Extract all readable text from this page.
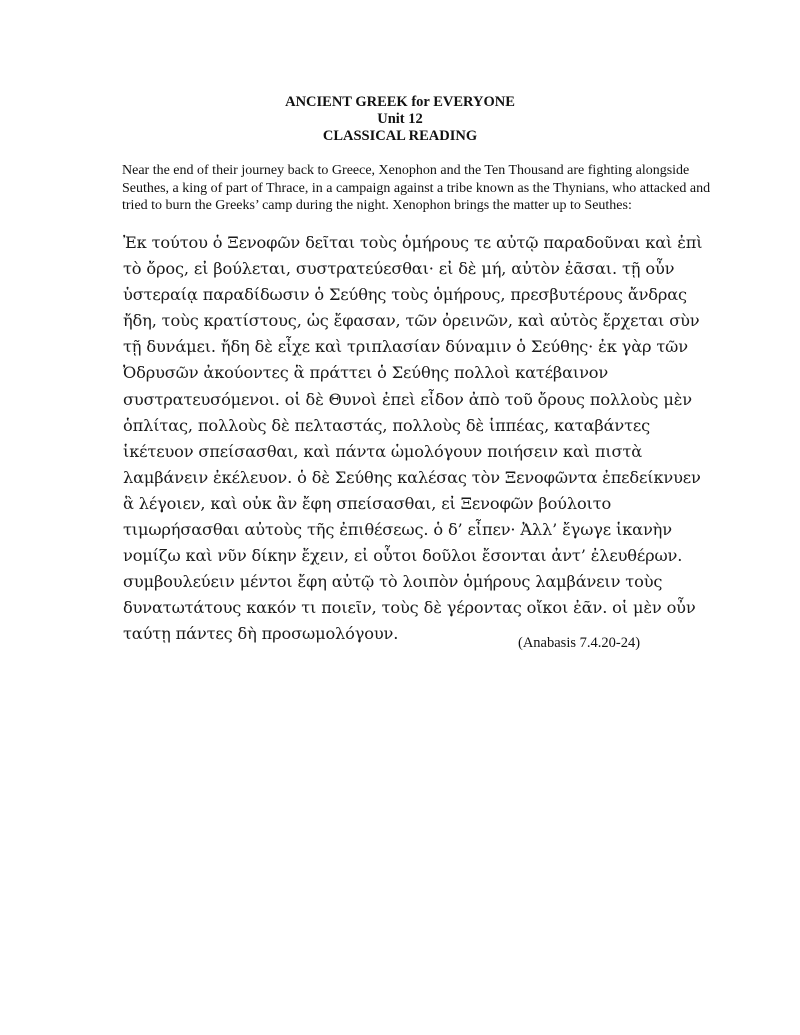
ANCIENT GREEK for EVERYONE
Unit 12
CLASSICAL READING
Near the end of their journey back to Greece, Xenophon and the Ten Thousand are fighting alongside
Seuthes, a king of part of Thrace, in a campaign against a tribe known as the Thynians, who attacked and
tried to burn the Greeks’ camp during the night. Xenophon brings the matter up to Seuthes:
Ἐκ τούτου ὁ Ξενοφῶν δεῖται τοὺς ὁμήρους τε αὐτῷ παραδοῦναι καὶ ἐπὶ
τὸ ὄρος, εἰ βούλεται, συστρατεύεσθαι· εἰ δὲ μή, αὐτὸν ἐᾶσαι. τῇ οὖν
ὑστεραίᾳ παραδίδωσιν ὁ Σεύθης τοὺς ὁμήρους, πρεσβυτέρους ἄνδρας
ἤδη, τοὺς κρατίστους, ὡς ἔφασαν, τῶν ὀρεινῶν, καὶ αὐτὸς ἔρχεται σὺν
τῇ δυνάμει. ἤδη δὲ εἶχε καὶ τριπλασίαν δύναμιν ὁ Σεύθης· ἐκ γὰρ τῶν
Ὀδρυσῶν ἀκούοντες ἃ πράττει ὁ Σεύθης πολλοὶ κατέβαινον
συστρατευσόμενοι. οἱ δὲ Θυνοὶ ἐπεὶ εἶδον ἀπὸ τοῦ ὄρους πολλοὺς μὲν
ὁπλίτας, πολλοὺς δὲ πελταστάς, πολλοὺς δὲ ἱππέας, καταβάντες
ἱκέτευον σπείσασθαι, καὶ πάντα ὡμολόγουν ποιήσειν καὶ πιστὰ
λαμβάνειν ἐκέλευον. ὁ δὲ Σεύθης καλέσας τὸν Ξενοφῶντα ἐπεδείκνυεν
ἃ λέγοιεν, καὶ οὐκ ἂν ἔφη σπείσασθαι, εἰ Ξενοφῶν βούλοιτο
τιμωρήσασθαι αὐτοὺς τῆς ἐπιθέσεως. ὁ δ’ εἶπεν· Ἀλλ’ ἔγωγε ἱκανὴν
νομίζω καὶ νῦν δίκην ἔχειν, εἰ οὗτοι δοῦλοι ἔσονται ἀντ’ ἐλευθέρων.
συμβουλεύειν μέντοι ἔφη αὐτῷ τὸ λοιπὸν ὁμήρους λαμβάνειν τοὺς
δυνατωτάτους κακόν τι ποιεῖν, τοὺς δὲ γέροντας οἴκοι ἐᾶν. οἱ μὲν οὖν
ταύτῃ πάντες δὴ προσωμολόγουν.	(Anabasis 7.4.20-24)
